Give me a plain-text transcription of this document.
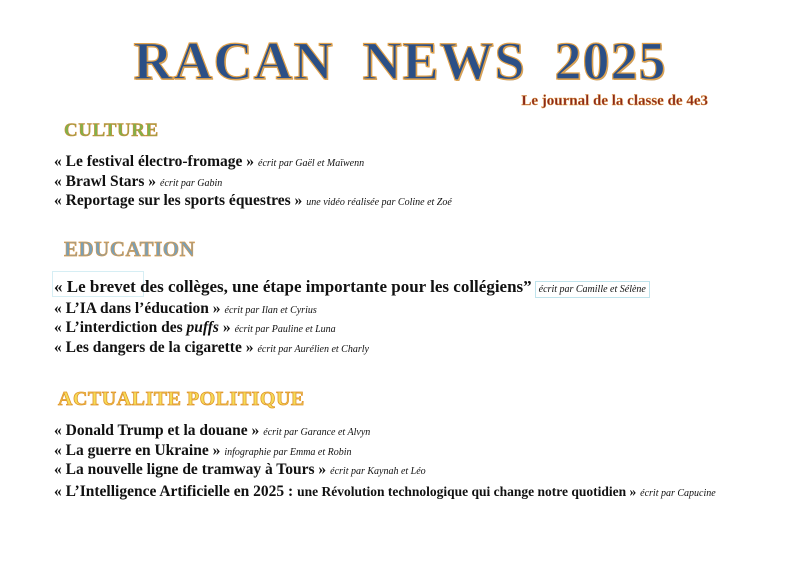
RACAN  NEWS  2025
Le journal de la classe de 4e3
CULTURE
« Le festival électro-fromage » écrit par Gaël et Maïwenn
« Brawl Stars » écrit par Gabin
« Reportage sur les sports équestres » une vidéo réalisée par Coline et Zoé
EDUCATION
« Le brevet des collèges, une étape importante pour les collégiens” écrit par Camille et Sélène
« L’IA dans l’éducation » écrit par Ilan et Cyrius
« L’interdiction des puffs » écrit par Pauline et Luna
« Les dangers de la cigarette » écrit par Aurélien et Charly
ACTUALITE POLITIQUE
« Donald Trump et la douane » écrit par Garance et Alvyn
« La guerre en Ukraine » infographie par Emma et Robin
« La nouvelle ligne de tramway à Tours » écrit par Kaynah et Léo
« L’Intelligence Artificielle en 2025 : une Révolution technologique qui change notre quotidien » écrit par Capucine
